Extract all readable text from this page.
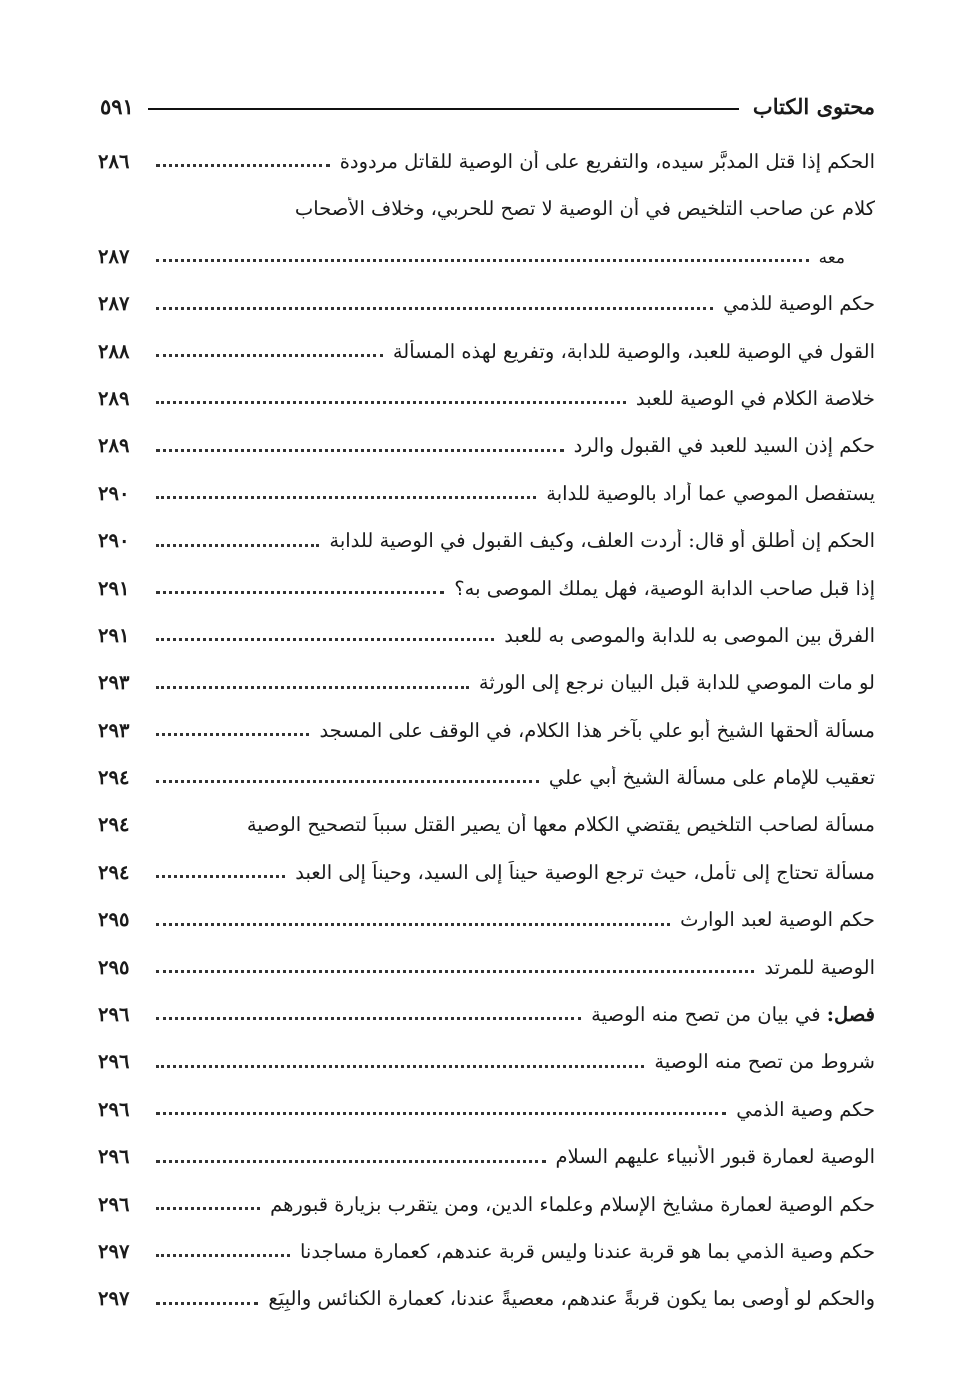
محتوى الكتاب
٥٩١
الحكم إذا قتل المدبَّر سيده، والتفريع على أن الوصية للقاتل مردودة
٢٨٦
كلام عن صاحب التلخيص في أن الوصية لا تصح للحربي، وخلاف الأصحاب
معه
٢٨٧
حكم الوصية للذمي
٢٨٧
القول في الوصية للعبد، والوصية للدابة، وتفريع لهذه المسألة
٢٨٨
خلاصة الكلام في الوصية للعبد
٢٨٩
حكم إذن السيد للعبد في القبول والرد
٢٨٩
يستفصل الموصي عما أراد بالوصية للدابة
٢٩٠
الحكم إن أطلق أو قال: أردت العلف، وكيف القبول في الوصية للدابة
٢٩٠
إذا قبل صاحب الدابة الوصية، فهل يملك الموصى به؟
٢٩١
الفرق بين الموصى به للدابة والموصى به للعبد
٢٩١
لو مات الموصي للدابة قبل البيان نرجع إلى الورثة
٢٩٣
مسألة ألحقها الشيخ أبو علي بآخر هذا الكلام، في الوقف على المسجد
٢٩٣
تعقيب للإمام على مسألة الشيخ أبي علي
٢٩٤
مسألة لصاحب التلخيص يقتضي الكلام معها أن يصير القتل سبباً لتصحيح الوصية
٢٩٤
مسألة تحتاج إلى تأمل، حيث ترجع الوصية حيناً إلى السيد، وحيناً إلى العبد
٢٩٤
حكم الوصية لعبد الوارث
٢٩٥
الوصية للمرتد
٢٩٥
فصل: في بيان من تصح منه الوصية
٢٩٦
شروط من تصح منه الوصية
٢٩٦
حكم وصية الذمي
٢٩٦
الوصية لعمارة قبور الأنبياء عليهم السلام
٢٩٦
حكم الوصية لعمارة مشايخ الإسلام وعلماء الدين، ومن يتقرب بزيارة قبورهم
٢٩٦
حكم وصية الذمي بما هو قربة عندنا وليس قربة عندهم، كعمارة مساجدنا
٢٩٧
والحكم لو أوصى بما يكون قربةً عندهم، معصيةً عندنا، كعمارة الكنائس والبِيَع
٢٩٧
